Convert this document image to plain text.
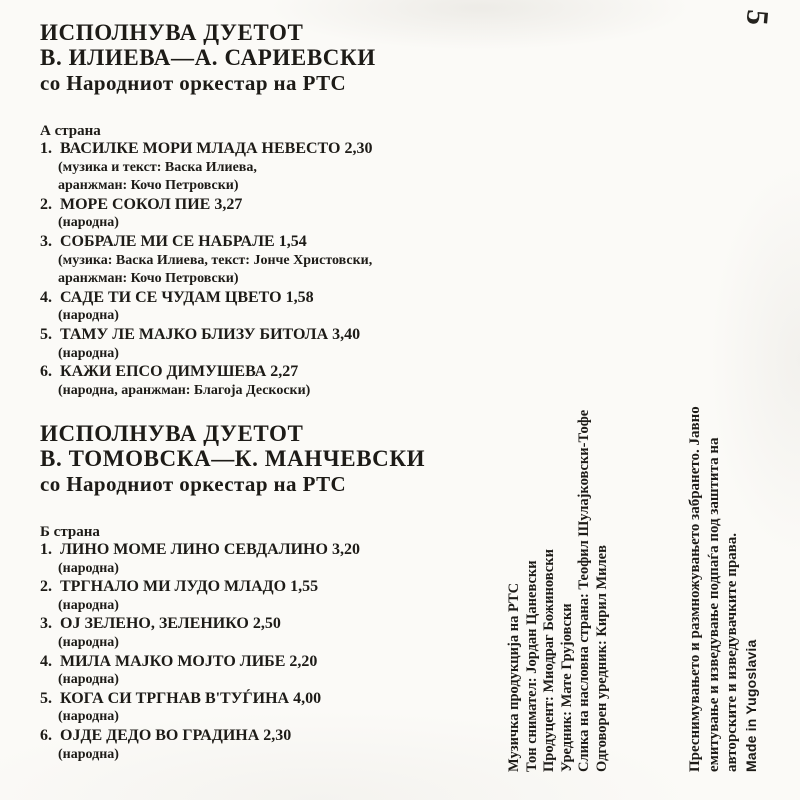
5
ИСПОЛНУВА ДУЕТОТ
В. ИЛИЕВА—А. САРИЕВСКИ
со Народниот оркестар на РТС
А страна
1. ВАСИЛКЕ МОРИ МЛАДА НЕВЕСТО 2,30
(музика и текст: Васка Илиева,
аранжман: Кочо Петровски)
2. МОРЕ СОКОЛ ПИЕ 3,27
(народна)
3. СОБРАЛЕ МИ СЕ НАБРАЛЕ 1,54
(музика: Васка Илиева, текст: Јонче Христовски,
аранжман: Кочо Петровски)
4. САДЕ ТИ СЕ ЧУДАМ ЦВЕТО 1,58
(народна)
5. ТАМУ ЛЕ МАЈКО БЛИЗУ БИТОЛА 3,40
(народна)
6. КАЖИ ЕПСО ДИМУШЕВА 2,27
(народна, аранжман: Благоја Дескоски)
ИСПОЛНУВА ДУЕТОТ
В. ТОМОВСКА—К. МАНЧЕВСКИ
со Народниот оркестар на РТС
Б страна
1. ЛИНО МОМЕ ЛИНО СЕВДАЛИНО 3,20
(народна)
2. ТРГНАЛО МИ ЛУДО МЛАДО 1,55
(народна)
3. ОЈ ЗЕЛЕНО, ЗЕЛЕНИКО 2,50
(народна)
4. МИЛА МАЈКО МОЈТО ЛИБЕ 2,20
(народна)
5. КОГА СИ ТРГНАВ В'ТУЃИНА 4,00
(народна)
6. ОЈДЕ ДЕДО ВО ГРАДИНА 2,30
(народна)	Музичка продукција на РТС Тон снимател: Јордан Цаневски Продуцент: Миодраг Божиновски Уредник: Мате Грујовски Слика на насловна страна: Теофил Шулајковски-Тофе Одговорен уредник: Кирил Милев	Преснимувањето и размножувањето забрането. Јавно емитување и изведување подпаѓа под заштита на авторските и изведувачките права. Made in Yugoslavia
